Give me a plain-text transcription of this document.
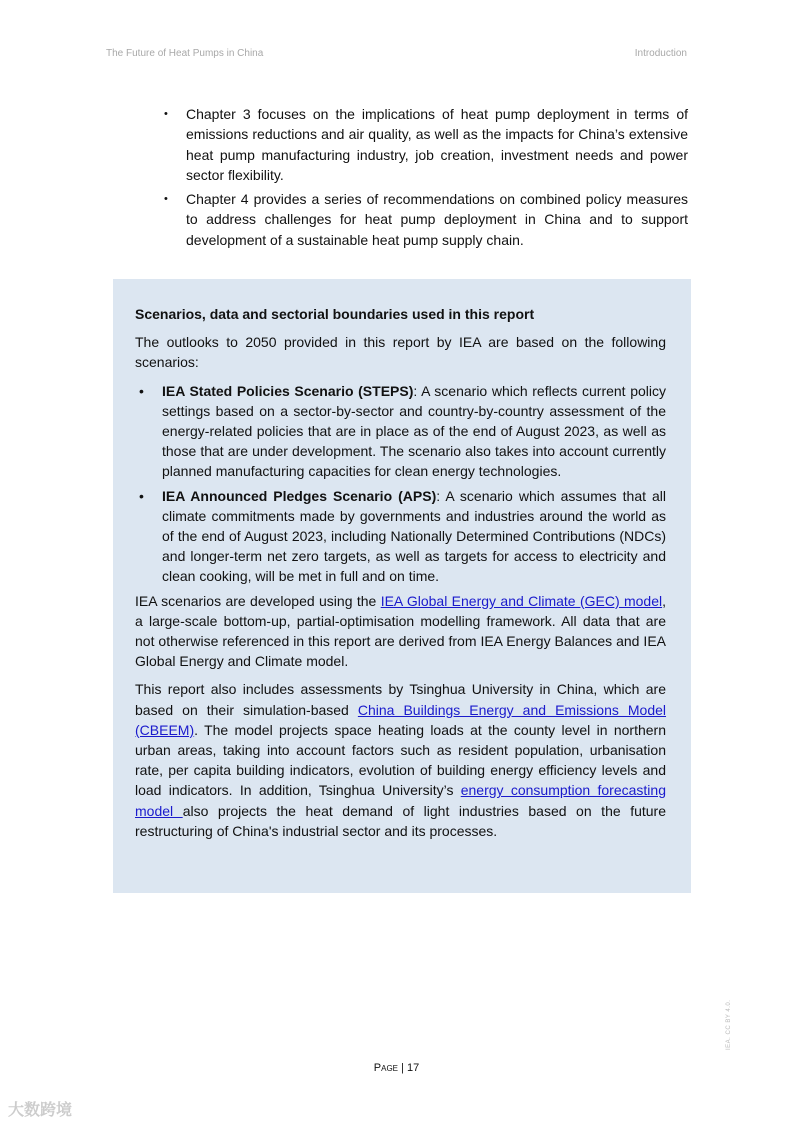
The Future of Heat Pumps in China	Introduction
• Chapter 3 focuses on the implications of heat pump deployment in terms of emissions reductions and air quality, as well as the impacts for China’s extensive heat pump manufacturing industry, job creation, investment needs and power sector flexibility.
• Chapter 4 provides a series of recommendations on combined policy measures to address challenges for heat pump deployment in China and to support development of a sustainable heat pump supply chain.
Scenarios, data and sectorial boundaries used in this report

The outlooks to 2050 provided in this report by IEA are based on the following scenarios:

• IEA Stated Policies Scenario (STEPS): A scenario which reflects current policy settings based on a sector-by-sector and country-by-country assessment of the energy-related policies that are in place as of the end of August 2023, as well as those that are under development. The scenario also takes into account currently planned manufacturing capacities for clean energy technologies.
• IEA Announced Pledges Scenario (APS): A scenario which assumes that all climate commitments made by governments and industries around the world as of the end of August 2023, including Nationally Determined Contributions (NDCs) and longer-term net zero targets, as well as targets for access to electricity and clean cooking, will be met in full and on time.

IEA scenarios are developed using the IEA Global Energy and Climate (GEC) model, a large-scale bottom-up, partial-optimisation modelling framework. All data that are not otherwise referenced in this report are derived from IEA Energy Balances and IEA Global Energy and Climate model.

This report also includes assessments by Tsinghua University in China, which are based on their simulation-based China Buildings Energy and Emissions Model (CBEEM). The model projects space heating loads at the county level in northern urban areas, taking into account factors such as resident population, urbanisation rate, per capita building indicators, evolution of building energy efficiency levels and load indicators. In addition, Tsinghua University’s energy consumption forecasting model also projects the heat demand of light industries based on the future restructuring of China's industrial sector and its processes.

Page | 17
IEA. CC BY 4.0.
大数跨境
